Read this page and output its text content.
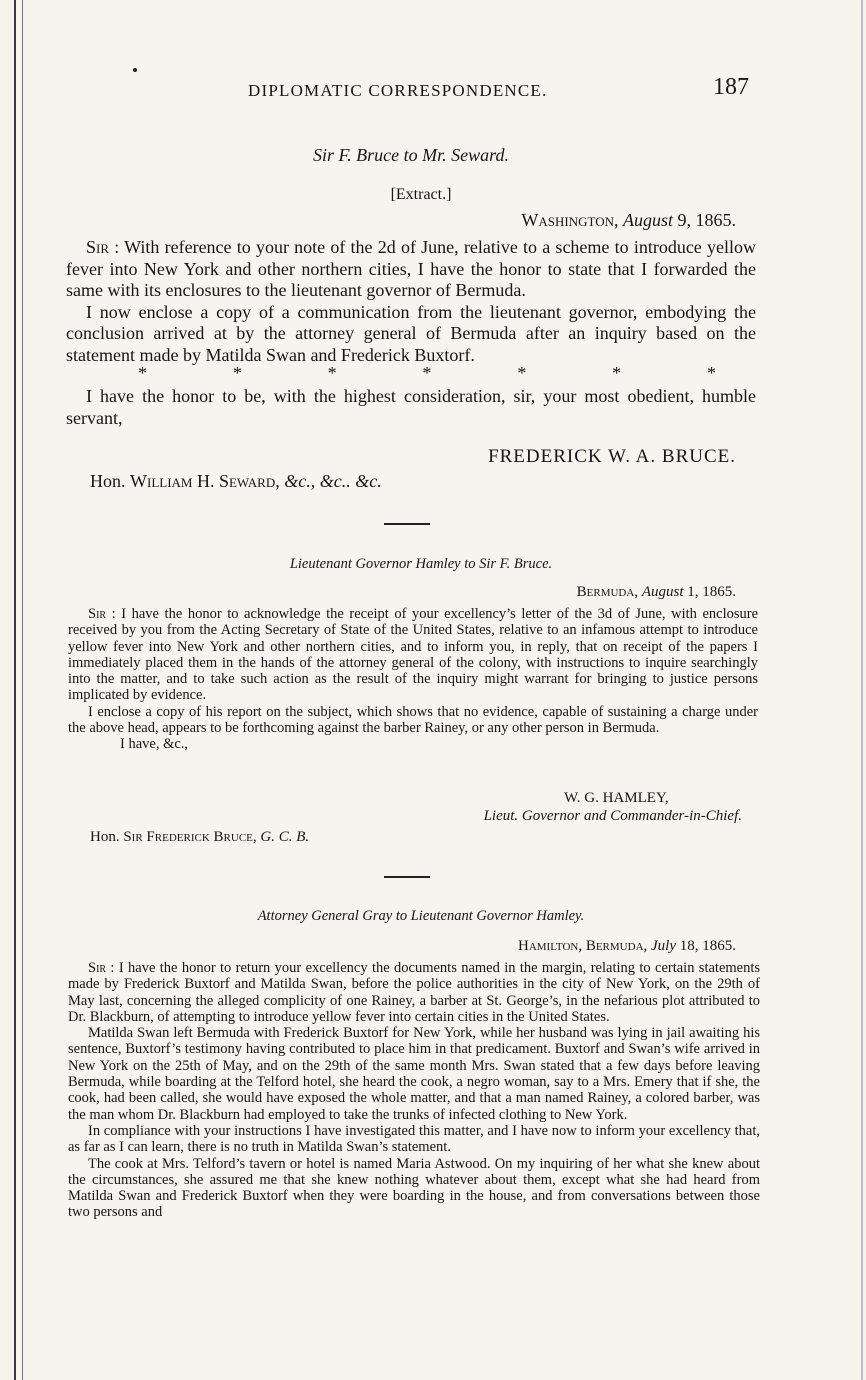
DIPLOMATIC CORRESPONDENCE.	187
Sir F. Bruce to Mr. Seward.
[Extract.]
Washington, August 9, 1865.

Sir : With reference to your note of the 2d of June, relative to a scheme to introduce yellow fever into New York and other northern cities, I have the honor to state that I forwarded the same with its enclosures to the lieutenant governor of Bermuda.

I now enclose a copy of a communication from the lieutenant governor, embodying the conclusion arrived at by the attorney general of Bermuda after an inquiry based on the statement made by Matilda Swan and Frederick Buxtorf.

*	*	*	*	*	*	*

I have the honor to be, with the highest consideration, sir, your most obedient, humble servant,

FREDERICK W. A. BRUCE.
Hon. William H. Seward, &c., &c.. &c.
Lieutenant Governor Hamley to Sir F. Bruce.
Bermuda, August 1, 1865.

Sir : I have the honor to acknowledge the receipt of your excellency’s letter of the 3d of June, with enclosure received by you from the Acting Secretary of State of the United States, relative to an infamous attempt to introduce yellow fever into New York and other northern cities, and to inform you, in reply, that on receipt of the papers I immediately placed them in the hands of the attorney general of the colony, with instructions to inquire searchingly into the matter, and to take such action as the result of the inquiry might warrant for bringing to justice persons implicated by evidence.

I enclose a copy of his report on the subject, which shows that no evidence, capable of sustaining a charge under the above head, appears to be forthcoming against the barber Rainey, or any other person in Bermuda.

I have, &c.,

W. G. HAMLEY,
Lieut. Governor and Commander-in-Chief.
Hon. Sir Frederick Bruce, G. C. B.
Attorney General Gray to Lieutenant Governor Hamley.
Hamilton, Bermuda, July 18, 1865.

Sir : I have the honor to return your excellency the documents named in the margin, relating to certain statements made by Frederick Buxtorf and Matilda Swan, before the police authorities in the city of New York, on the 29th of May last, concerning the alleged complicity of one Rainey, a barber at St. George’s, in the nefarious plot attributed to Dr. Blackburn, of attempting to introduce yellow fever into certain cities in the United States.

Matilda Swan left Bermuda with Frederick Buxtorf for New York, while her husband was lying in jail awaiting his sentence, Buxtorf’s testimony having contributed to place him in that predicament. Buxtorf and Swan’s wife arrived in New York on the 25th of May, and on the 29th of the same month Mrs. Swan stated that a few days before leaving Bermuda, while boarding at the Telford hotel, she heard the cook, a negro woman, say to a Mrs. Emery that if she, the cook, had been called, she would have exposed the whole matter, and that a man named Rainey, a colored barber, was the man whom Dr. Blackburn had employed to take the trunks of infected clothing to New York.

In compliance with your instructions I have investigated this matter, and I have now to inform your excellency that, as far as I can learn, there is no truth in Matilda Swan’s statement.

The cook at Mrs. Telford’s tavern or hotel is named Maria Astwood. On my inquiring of her what she knew about the circumstances, she assured me that she knew nothing whatever about them, except what she had heard from Matilda Swan and Frederick Buxtorf when they were boarding in the house, and from conversations between those two persons and
